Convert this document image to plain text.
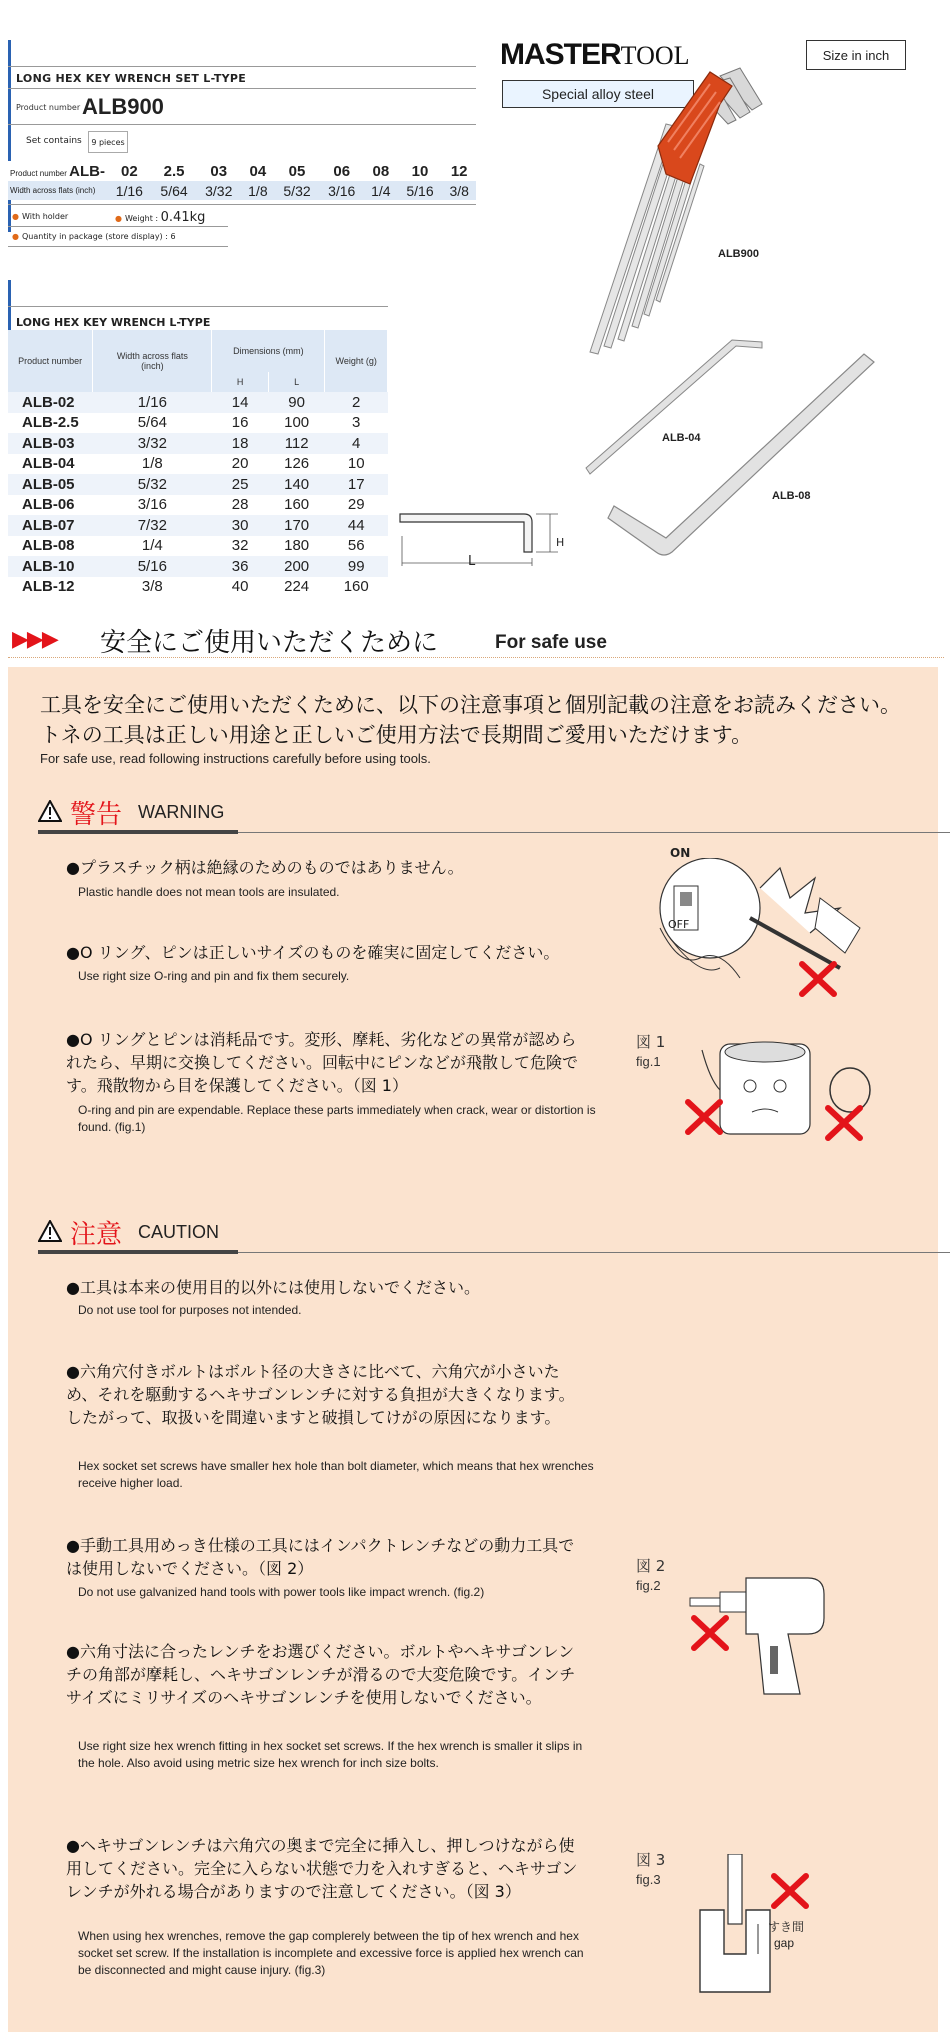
LONG HEX KEY WRENCH SET L-TYPE
Product number ALB900
Set contains	9 pieces
Product number ALB-	02	2.5	03	04	05	06	08	10	12
Width across flats (inch)	1/16	5/64	3/32	1/8	5/32	3/16	1/4	5/16	3/8
● With holder	● Weight : 0.41kg
● Quantity in package (store display) : 6
LONG HEX KEY WRENCH L-TYPE
Product number	Width across flats (inch)	Dimensions (mm)		Weight (g)
		H	L	
ALB-02	1/16	14	90	2
ALB-2.5	5/64	16	100	3
ALB-03	3/32	18	112	4
ALB-04	1/8	20	126	10
ALB-05	5/32	25	140	17
ALB-06	3/16	28	160	29
ALB-07	7/32	30	170	44
ALB-08	1/4	32	180	56
ALB-10	5/16	36	200	99
ALB-12	3/8	40	224	160
L
H
MASTERTOOL
Special alloy steel
Size in inch
ALB900
ALB-04
ALB-08
▶▶▶ 安全にご使用いただくために	For safe use
工具を安全にご使用いただくために、以下の注意事項と個別記載の注意をお読みください。トネの工具は正しい用途と正しいご使用方法で長期間ご愛用いただけます。
For safe use, read following instructions carefully before using tools.
警告 WARNING
●プラスチック柄は絶縁のためのものではありません。
Plastic handle does not mean tools are insulated.
●O リング、ピンは正しいサイズのものを確実に固定してください。
Use right size O-ring and pin and fix them securely.
●O リングとピンは消耗品です。変形、摩耗、劣化などの異常が認められたら、早期に交換してください。回転中にピンなどが飛散して危険です。飛散物から目を保護してください。（図 1）
O-ring and pin are expendable. Replace these parts immediately when crack, wear or distortion is found. (fig.1)
ON
OFF
図 1
fig.1
注意 CAUTION
●工具は本来の使用目的以外には使用しないでください。
Do not use tool for purposes not intended.
●六角穴付きボルトはボルト径の大きさに比べて、六角穴が小さいため、それを駆動するヘキサゴンレンチに対する負担が大きくなります。したがって、取扱いを間違いますと破損してけがの原因になります。
Hex socket set screws have smaller hex hole than bolt diameter, which means that hex wrenches receive higher load.
●手動工具用めっき仕様の工具にはインパクトレンチなどの動力工具では使用しないでください。（図 2）
Do not use galvanized hand tools with power tools like impact wrench. (fig.2)
●六角寸法に合ったレンチをお選びください。ボルトやヘキサゴンレンチの角部が摩耗し、ヘキサゴンレンチが滑るので大変危険です。インチサイズにミリサイズのヘキサゴンレンチを使用しないでください。
Use right size hex wrench fitting in hex socket set screws. If the hex wrench is smaller it slips in the hole. Also avoid using metric size hex wrench for inch size bolts.
●ヘキサゴンレンチは六角穴の奥まで完全に挿入し、押しつけながら使用してください。完全に入らない状態で力を入れすぎると、ヘキサゴンレンチが外れる場合がありますので注意してください。（図 3）
When using hex wrenches, remove the gap complerely between the tip of hex wrench and hex socket set screw. If the installation is incomplete and excessive force is applied hex wrench can be disconnected and might cause injury. (fig.3)
図 2
fig.2
図 3
fig.3
すき間
gap
